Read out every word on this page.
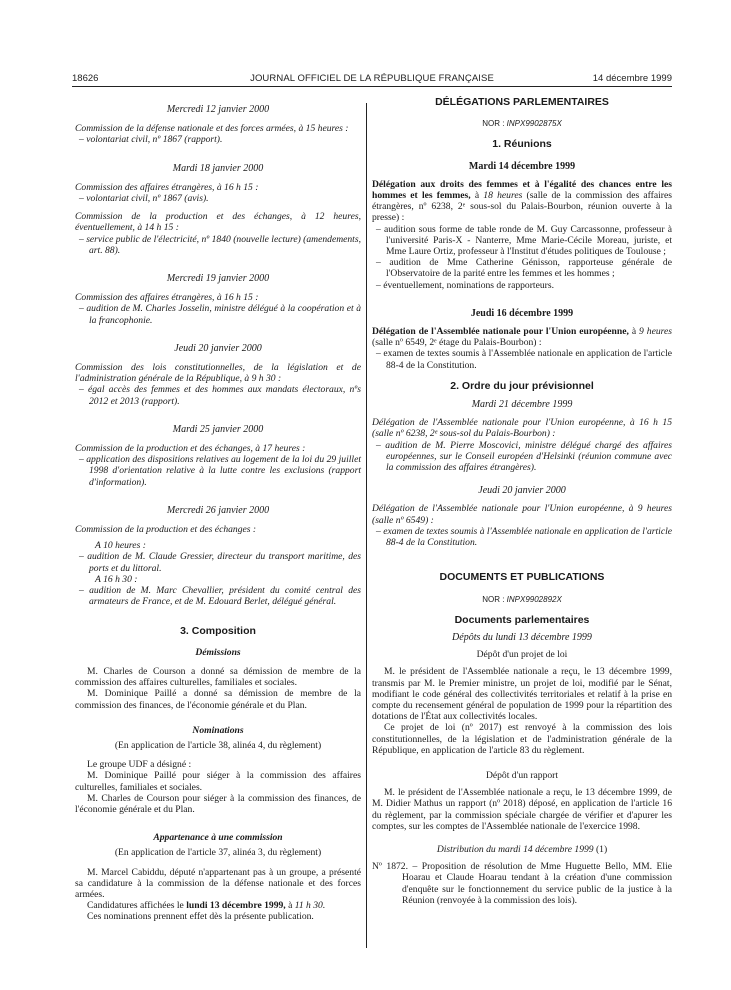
18626	JOURNAL OFFICIEL DE LA RÉPUBLIQUE FRANÇAISE	14 décembre 1999
Mercredi 12 janvier 2000

Commission de la défense nationale et des forces armées, à 15 heures :

– volontariat civil, nº 1867 (rapport).

Mardi 18 janvier 2000

Commission des affaires étrangères, à 16 h 15 :

– volontariat civil, nº 1867 (avis).

Commission de la production et des échanges, à 12 heures, éventuellement, à 14 h 15 :

– service public de l'électricité, nº 1840 (nouvelle lecture) (amendements, art. 88).

Mercredi 19 janvier 2000

Commission des affaires étrangères, à 16 h 15 :

– audition de M. Charles Josselin, ministre délégué à la coopération et à la francophonie.

Jeudi 20 janvier 2000

Commission des lois constitutionnelles, de la législation et de l'administration générale de la République, à 9 h 30 :

– égal accès des femmes et des hommes aux mandats électoraux, nºs 2012 et 2013 (rapport).

Mardi 25 janvier 2000

Commission de la production et des échanges, à 17 heures :

– application des dispositions relatives au logement de la loi du 29 juillet 1998 d'orientation relative à la lutte contre les exclusions (rapport d'information).

Mercredi 26 janvier 2000

Commission de la production et des échanges :

A 10 heures :

– audition de M. Claude Gressier, directeur du transport maritime, des ports et du littoral.

A 16 h 30 :

– audition de M. Marc Chevallier, président du comité central des armateurs de France, et de M. Edouard Berlet, délégué général.

3. Composition
Démissions

M. Charles de Courson a donné sa démission de membre de la commission des affaires culturelles, familiales et sociales.

M. Dominique Paillé a donné sa démission de membre de la commission des finances, de l'économie générale et du Plan.

Nominations
(En application de l'article 38, alinéa 4, du règlement)

Le groupe UDF a désigné :

M. Dominique Paillé pour siéger à la commission des affaires culturelles, familiales et sociales.

M. Charles de Courson pour siéger à la commission des finances, de l'économie générale et du Plan.

Appartenance à une commission
(En application de l'article 37, alinéa 3, du règlement)

M. Marcel Cabiddu, député n'appartenant pas à un groupe, a présenté sa candidature à la commission de la défense nationale et des forces armées.

Candidatures affichées le lundi 13 décembre 1999, à 11 h 30.

Ces nominations prennent effet dès la présente publication.

DÉLÉGATIONS PARLEMENTAIRES
NOR : INPX9902875X
1. Réunions
Mardi 14 décembre 1999

Délégation aux droits des femmes et à l'égalité des chances entre les hommes et les femmes, à 18 heures (salle de la commission des affaires étrangères, nº 6238, 2ᵉ sous-sol du Palais-Bourbon, réunion ouverte à la presse) :

– audition sous forme de table ronde de M. Guy Carcassonne, professeur à l'université Paris-X - Nanterre, Mme Marie-Cécile Moreau, juriste, et Mme Laure Ortiz, professeur à l'Institut d'études politiques de Toulouse ;

– audition de Mme Catherine Génisson, rapporteuse générale de l'Observatoire de la parité entre les femmes et les hommes ;

– éventuellement, nominations de rapporteurs.

Jeudi 16 décembre 1999

Délégation de l'Assemblée nationale pour l'Union européenne, à 9 heures (salle nº 6549, 2ᵉ étage du Palais-Bourbon) :

– examen de textes soumis à l'Assemblée nationale en application de l'article 88-4 de la Constitution.

2. Ordre du jour prévisionnel
Mardi 21 décembre 1999

Délégation de l'Assemblée nationale pour l'Union européenne, à 16 h 15 (salle nº 6238, 2ᵉ sous-sol du Palais-Bourbon) :

– audition de M. Pierre Moscovici, ministre délégué chargé des affaires européennes, sur le Conseil européen d'Helsinki (réunion commune avec la commission des affaires étrangères).

Jeudi 20 janvier 2000

Délégation de l'Assemblée nationale pour l'Union européenne, à 9 heures (salle nº 6549) :

– examen de textes soumis à l'Assemblée nationale en application de l'article 88-4 de la Constitution.

DOCUMENTS ET PUBLICATIONS
NOR : INPX9902892X
Documents parlementaires
Dépôts du lundi 13 décembre 1999
Dépôt d'un projet de loi

M. le président de l'Assemblée nationale a reçu, le 13 décembre 1999, transmis par M. le Premier ministre, un projet de loi, modifié par le Sénat, modifiant le code général des collectivités territoriales et relatif à la prise en compte du recensement général de population de 1999 pour la répartition des dotations de l'État aux collectivités locales.

Ce projet de loi (nº 2017) est renvoyé à la commission des lois constitutionnelles, de la législation et de l'administration générale de la République, en application de l'article 83 du règlement.

Dépôt d'un rapport

M. le président de l'Assemblée nationale a reçu, le 13 décembre 1999, de M. Didier Mathus un rapport (nº 2018) déposé, en application de l'article 16 du règlement, par la commission spéciale chargée de vérifier et d'apurer les comptes, sur les comptes de l'Assemblée nationale de l'exercice 1998.

Distribution du mardi 14 décembre 1999 (1)

Nº 1872. – Proposition de résolution de Mme Huguette Bello, MM. Elie Hoarau et Claude Hoarau tendant à la création d'une commission d'enquête sur le fonctionnement du service public de la justice à la Réunion (renvoyée à la commission des lois).
